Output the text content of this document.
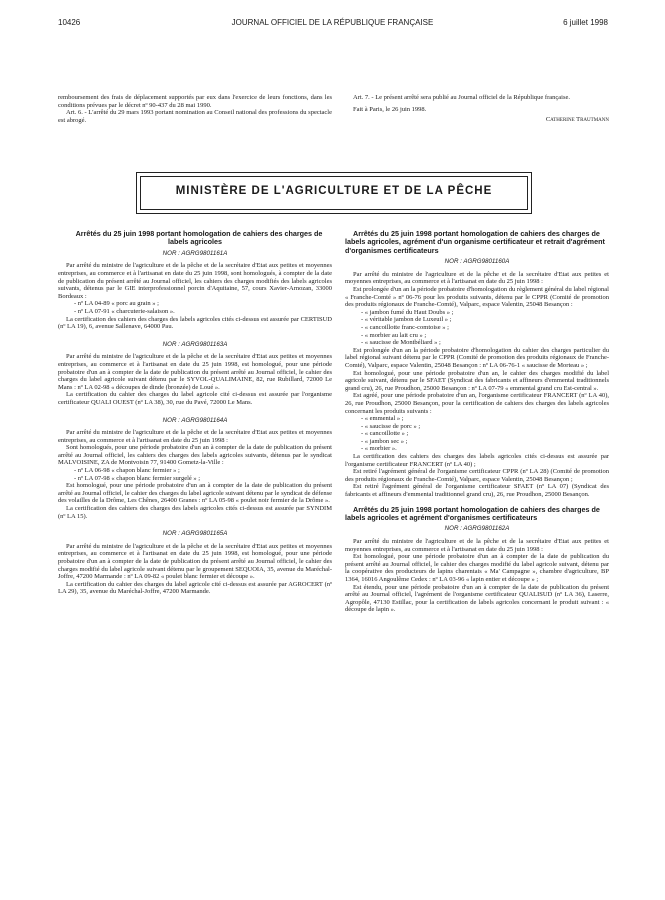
10426	JOURNAL OFFICIEL DE LA RÉPUBLIQUE FRANÇAISE	6 juillet 1998

remboursement des frais de déplacement supportés par eux dans l'exercice de leurs fonctions, dans les conditions prévues par le décret nº 90-437 du 28 mai 1990.

Art. 6. - L'arrêté du 29 mars 1993 portant nomination au Conseil national des professions du spectacle est abrogé.

Art. 7. - Le présent arrêté sera publié au Journal officiel de la République française.

Fait à Paris, le 26 juin 1998.

Catherine Trautmann
MINISTÈRE DE L'AGRICULTURE ET DE LA PÊCHE

Arrêtés du 25 juin 1998 portant homologation de cahiers des charges de labels agricoles

NOR : AGRG9801161A

Par arrêté du ministre de l'agriculture et de la pêche et de la secrétaire d'Etat aux petites et moyennes entreprises, au commerce et à l'artisanat en date du 25 juin 1998, sont homologués, à compter de la date de publication du présent arrêté au Journal officiel, les cahiers des charges modifiés des labels agricoles suivants, détenus par le GIE interprofessionnel porcin d'Aquitaine, 57, cours Xavier-Arnozan, 33000 Bordeaux :

- nº LA 04-89 « porc au grain » ;

- nº LA 07-91 « charcuterie-salaison ».

La certification des cahiers des charges des labels agricoles cités ci-dessus est assurée par CERTISUD (nº LA 19), 6, avenue Sallenave, 64000 Pau.

NOR : AGRG9801163A

Par arrêté du ministre de l'agriculture et de la pêche et de la secrétaire d'Etat aux petites et moyennes entreprises, au commerce et à l'artisanat en date du 25 juin 1998, est homologué, pour une période probatoire d'un an à compter de la date de publication du présent arrêté au Journal officiel, le cahier des charges du label agricole suivant détenu par le SYVOL-QUALIMAINE, 82, rue Rubillard, 72000 Le Mans : nº LA 02-98 « découpes de dinde (bronzée) de Loué ».

La certification du cahier des charges du label agricole cité ci-dessus est assurée par l'organisme certificateur QUALI OUEST (nº LA 38), 30, rue du Pavé, 72000 Le Mans.

NOR : AGRG9801164A

Par arrêté du ministre de l'agriculture et de la pêche et de la secrétaire d'Etat aux petites et moyennes entreprises, au commerce et à l'artisanat en date du 25 juin 1998 :

Sont homologués, pour une période probatoire d'un an à compter de la date de publication du présent arrêté au Journal officiel, les cahiers des charges des labels agricoles suivants, détenus par le syndicat MALVOISINE, ZA de Montvoisin 77, 91400 Gometz-la-Ville :

- nº LA 06-98 « chapon blanc fermier » ;

- nº LA 07-98 « chapon blanc fermier surgelé » ;

Est homologué, pour une période probatoire d'un an à compter de la date de publication du présent arrêté au Journal officiel, le cahier des charges du label agricole suivant détenu par le syndicat de défense des volailles de la Drôme, Les Chênes, 26400 Granes : nº LA 05-98 « poulet noir fermier de la Drôme ».

La certification des cahiers des charges des labels agricoles cités ci-dessus est assurée par SYNDIM (nº LA 15).

NOR : AGRG9801165A

Par arrêté du ministre de l'agriculture et de la pêche et de la secrétaire d'Etat aux petites et moyennes entreprises, au commerce et à l'artisanat en date du 25 juin 1998, est homologué, pour une période probatoire d'un an à compter de la date de publication du présent arrêté au Journal officiel, le cahier des charges modifié du label agricole suivant détenu par le groupement SEQUOIA, 35, avenue du Maréchal-Joffre, 47200 Marmande : nº LA 09-82 « poulet blanc fermier et découpe ».

La certification du cahier des charges du label agricole cité ci-dessus est assurée par AGROCERT (nº LA 29), 35, avenue du Maréchal-Joffre, 47200 Marmande.

Arrêtés du 25 juin 1998 portant homologation de cahiers des charges de labels agricoles, agrément d'un organisme certificateur et retrait d'agrément d'organismes certificateurs

NOR : AGRG9801160A

Par arrêté du ministre de l'agriculture et de la pêche et de la secrétaire d'Etat aux petites et moyennes entreprises, au commerce et à l'artisanat en date du 25 juin 1998 :

Est prolongée d'un an la période probatoire d'homologation du règlement général du label régional « Franche-Comté » nº 06-76 pour les produits suivants, détenu par le CPPR (Comité de promotion des produits régionaux de Franche-Comté), Valparc, espace Valentin, 25048 Besançon :

- « jambon fumé du Haut Doubs » ;

- « véritable jambon de Luxeuil » ;

- « cancoillotte franc-comtoise » ;

- « morbier au lait cru » ;

- « saucisse de Montbéliard » ;

Est prolongée d'un an la période probatoire d'homologation du cahier des charges particulier du label régional suivant détenu par le CPPR (Comité de promotion des produits régionaux de Franche-Comté), Valparc, espace Valentin, 25048 Besançon : nº LA 06-76-1 « saucisse de Morteau » ;

Est homologué, pour une période probatoire d'un an, le cahier des charges modifié du label agricole suivant, détenu par le SFAET (Syndicat des fabricants et affineurs d'emmental traditionnels grand cru), 26, rue Proudhon, 25000 Besançon : nº LA 07-79 « emmental grand cru Est-central ».

Est agréé, pour une période probatoire d'un an, l'organisme certificateur FRANCERT (nº LA 40), 26, rue Proudhon, 25000 Besançon, pour la certification de cahiers des charges des labels agricoles concernant les produits suivants :

- « emmental » ;

- « saucisse de porc » ;

- « cancoillotte » ;

- « jambon sec » ;

- « morbier ».

La certification des cahiers des charges des labels agricoles cités ci-dessus est assurée par l'organisme certificateur FRANCERT (nº LA 40) ;

Est retiré l'agrément général de l'organisme certificateur CPPR (nº LA 28) (Comité de promotion des produits régionaux de Franche-Comté), Valparc, espace Valentin, 25048 Besançon ;

Est retiré l'agrément général de l'organisme certificateur SFAET (nº LA 07) (Syndicat des fabricants et affineurs d'emmental traditionnel grand cru), 26, rue Proudhon, 25000 Besançon.

Arrêtés du 25 juin 1998 portant homologation de cahiers des charges de labels agricoles et agrément d'organismes certificateurs

NOR : AGRG9801162A

Par arrêté du ministre de l'agriculture et de la pêche et de la secrétaire d'Etat aux petites et moyennes entreprises, au commerce et à l'artisanat en date du 25 juin 1998 :

Est homologué, pour une période probatoire d'un an à compter de la date de publication du présent arrêté au Journal officiel, le cahier des charges modifié du label agricole suivant, détenu par la coopérative des producteurs de lapins charentais « Ma' Campagne », chambre d'agriculture, BP 1364, 16016 Angoulême Cedex : nº LA 03-96 « lapin entier et découpe » ;

Est étendu, pour une période probatoire d'un an à compter de la date de publication du présent arrêté au Journal officiel, l'agrément de l'organisme certificateur QUALISUD (nº LA 36), Laserre, Agropôle, 47130 Estillac, pour la certification de labels agricoles concernant le produit suivant : « découpe de lapin ».
